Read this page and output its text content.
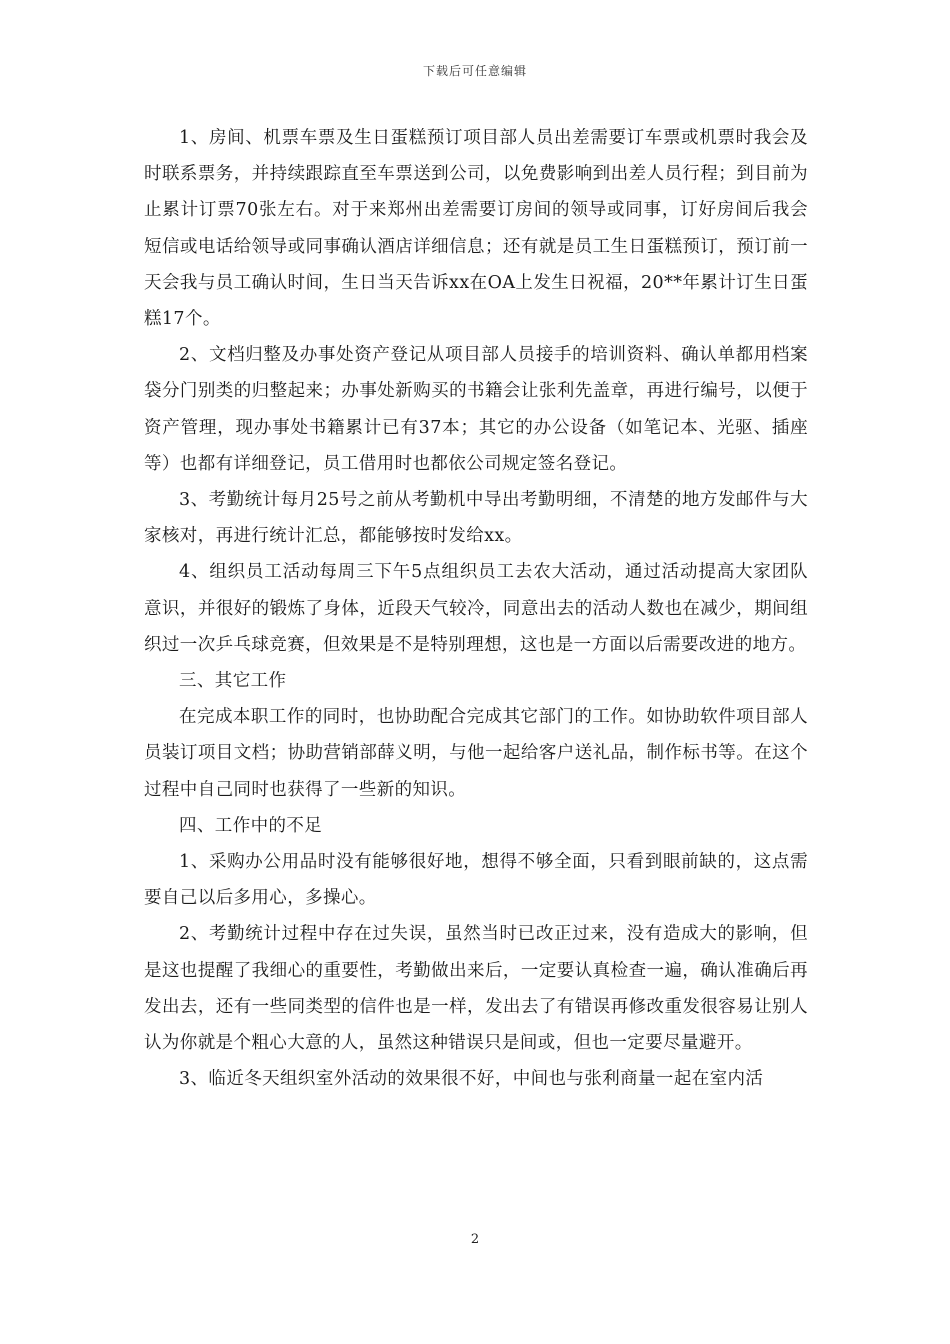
下载后可任意编辑

1、房间、机票车票及生日蛋糕预订项目部人员出差需要订车票或机票时我会及时联系票务，并持续跟踪直至车票送到公司，以免费影响到出差人员行程；到目前为止累计订票70张左右。对于来郑州出差需要订房间的领导或同事，订好房间后我会短信或电话给领导或同事确认酒店详细信息；还有就是员工生日蛋糕预订，预订前一天会我与员工确认时间，生日当天告诉xx在OA上发生日祝福，20**年累计订生日蛋糕17个。

2、文档归整及办事处资产登记从项目部人员接手的培训资料、确认单都用档案袋分门别类的归整起来；办事处新购买的书籍会让张利先盖章，再进行编号，以便于资产管理，现办事处书籍累计已有37本；其它的办公设备（如笔记本、光驱、插座等）也都有详细登记，员工借用时也都依公司规定签名登记。

3、考勤统计每月25号之前从考勤机中导出考勤明细，不清楚的地方发邮件与大家核对，再进行统计汇总，都能够按时发给xx。

4、组织员工活动每周三下午5点组织员工去农大活动，通过活动提高大家团队意识，并很好的锻炼了身体，近段天气较冷，同意出去的活动人数也在减少，期间组织过一次乒乓球竞赛，但效果是不是特别理想，这也是一方面以后需要改进的地方。

三、其它工作

在完成本职工作的同时，也协助配合完成其它部门的工作。如协助软件项目部人员装订项目文档；协助营销部薛义明，与他一起给客户送礼品，制作标书等。在这个过程中自己同时也获得了一些新的知识。

四、工作中的不足

1、采购办公用品时没有能够很好地，想得不够全面，只看到眼前缺的，这点需要自己以后多用心，多操心。

2、考勤统计过程中存在过失误，虽然当时已改正过来，没有造成大的影响，但是这也提醒了我细心的重要性，考勤做出来后，一定要认真检查一遍，确认准确后再发出去，还有一些同类型的信件也是一样，发出去了有错误再修改重发很容易让别人认为你就是个粗心大意的人，虽然这种错误只是间或，但也一定要尽量避开。

3、临近冬天组织室外活动的效果很不好，中间也与张利商量一起在室内活

2
